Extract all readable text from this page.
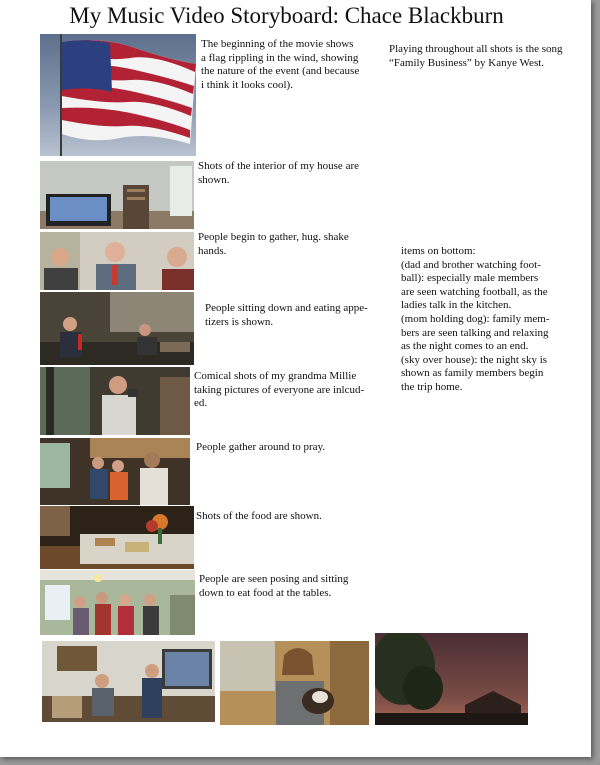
My Music Video Storyboard: Chace Blackburn
The beginning of the movie shows
a flag rippling in the wind, showing
the nature of the event (and because
i think it looks cool).
Shots of the interior of my house are
shown.
People begin to gather, hug. shake
hands.
People sitting down and eating appe-
tizers is shown.
Comical shots of my grandma Millie
taking pictures of everyone are inlcud-
ed.
People gather around to pray.
Shots of the food are shown.
People are seen posing and sitting
down to eat food at the tables.
Playing throughout all shots is the song “Family Business” by Kanye West.
items on bottom:
(dad and brother watching foot-
ball): especially male members
are seen watching football, as the
ladies talk in the kitchen.
(mom holding dog): family mem-
bers are seen talking and relaxing
as the night comes to an end.
(sky over house): the night sky is
shown as family members begin
the trip home.
